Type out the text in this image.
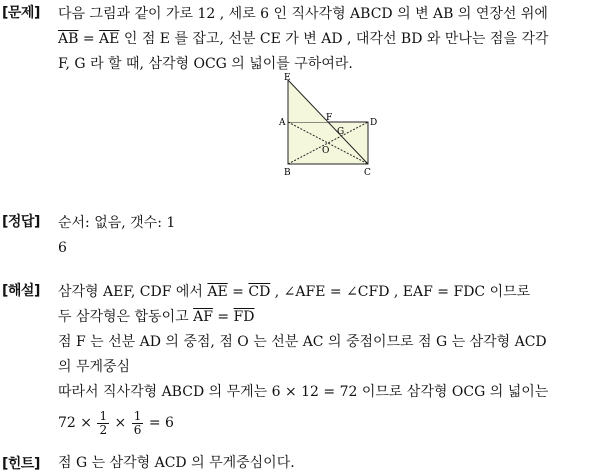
[문제] 다음 그림과 같이 가로 12 , 세로 6 인 직사각형 ABCD 의 변 AB 의 연장선 위에
$\overline{AB} = \overline{AE}$ 인 점 E 를 잡고, 선분 CE 가 변 AD , 대각선 BD 와 만나는 점을 각각
F, G 라 할 때, 삼각형 OCG 의 넓이를 구하여라.
E
A	F	D
G
O
B	C
[정답] 순서: 없음, 갯수: 1
6
[해설] 삼각형 AEF, CDF 에서 $\overline{AE} = \overline{CD}$ , ∠AFE = ∠CFD , EAF = FDC 이므로
두 삼각형은 합동이고 $\overline{AF} = \overline{FD}$
점 F 는 선분 AD 의 중점, 점 O 는 선분 AC 의 중점이므로 점 G 는 삼각형 ACD
의 무게중심
따라서 직사각형 ABCD 의 무게는 6 × 12 = 72 이므로 삼각형 OCG 의 넓이는
$72 \times \frac{1}{2} \times \frac{1}{6} = 6$
[힌트] 점 G 는 삼각형 ACD 의 무게중심이다.
